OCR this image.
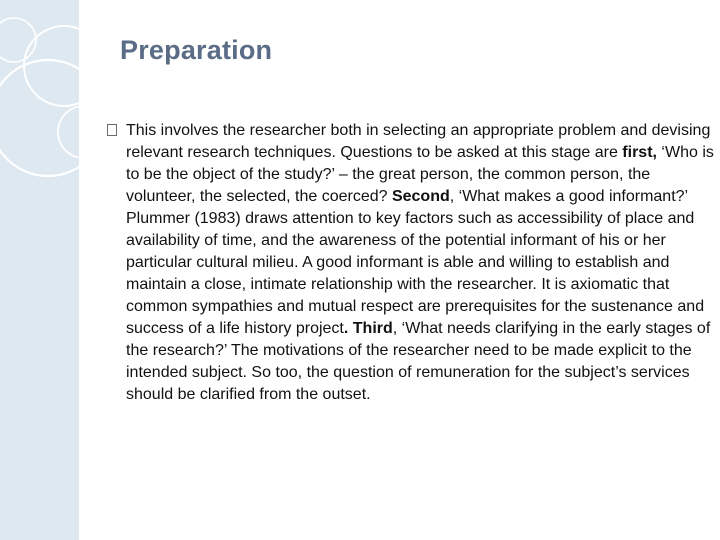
Preparation

This involves the researcher both in selecting an appropriate problem and devising relevant research techniques. Questions to be asked at this stage are first, ‘Who is to be the object of the study?’ – the great person, the common person, the volunteer, the selected, the coerced? Second, ‘What makes a good informant?’ Plummer (1983) draws attention to key factors such as accessibility of place and availability of time, and the awareness of the potential informant of his or her particular cultural milieu. A good informant is able and willing to establish and maintain a close, intimate relationship with the researcher. It is axiomatic that common sympathies and mutual respect are prerequisites for the sustenance and success of a life history project. Third, ‘What needs clarifying in the early stages of the research?’ The motivations of the researcher need to be made explicit to the intended subject. So too, the question of remuneration for the subject’s services should be clarified from the outset.
